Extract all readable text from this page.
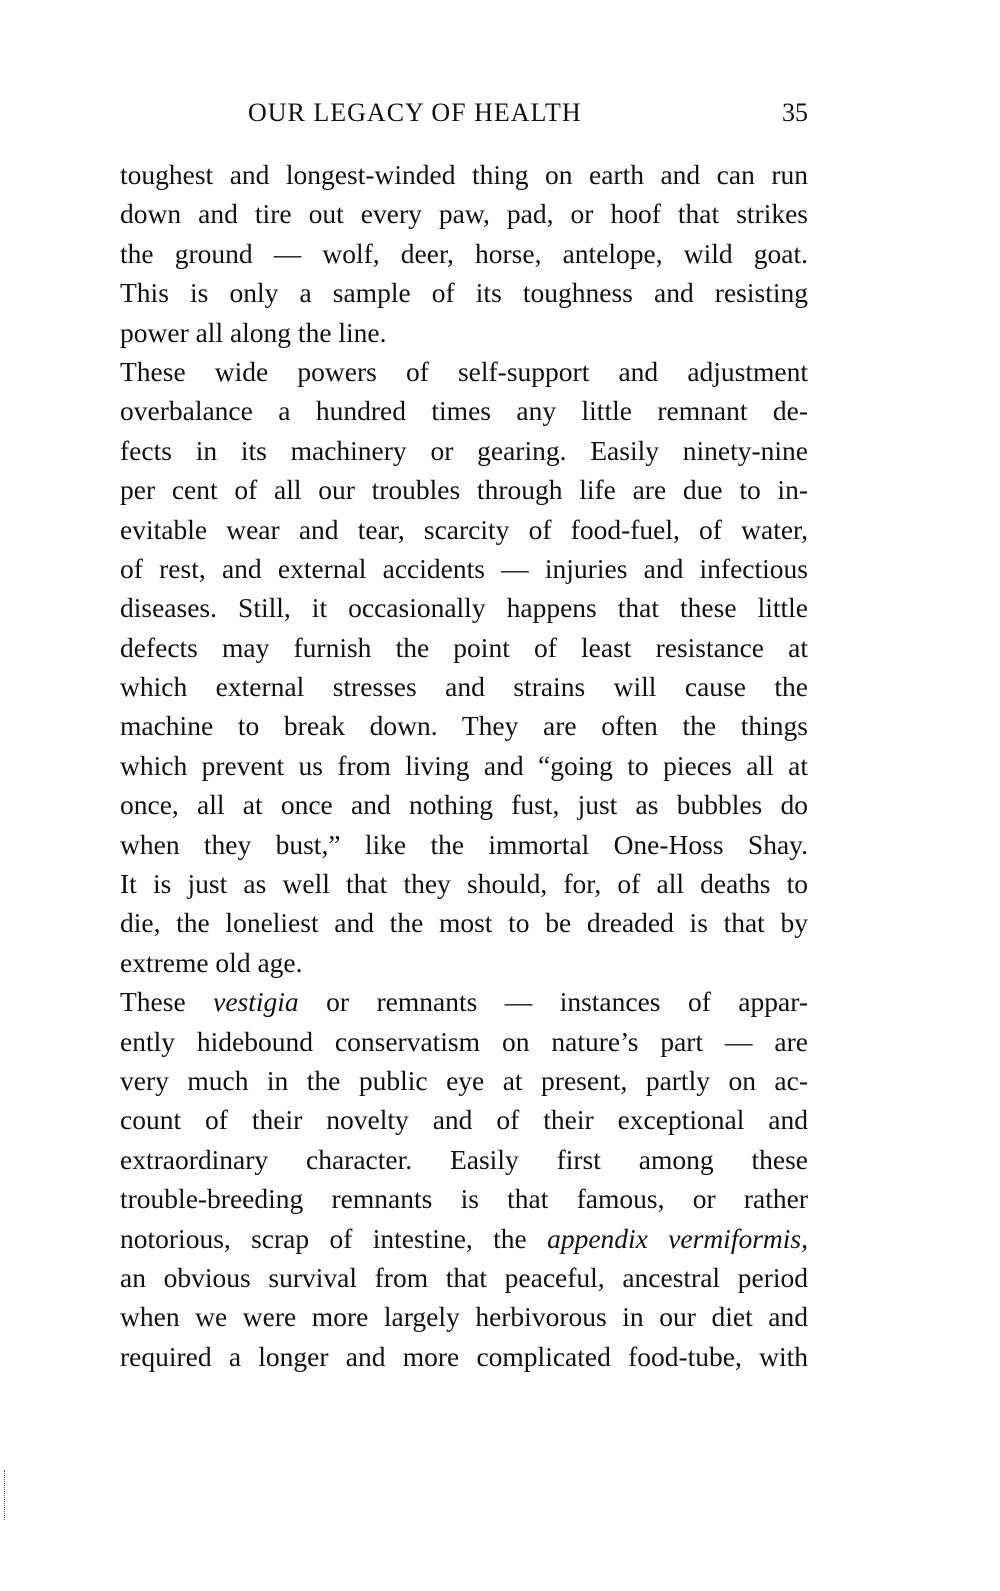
OUR LEGACY OF HEALTH	35
toughest and longest-winded thing on earth and can run
down and tire out every paw, pad, or hoof that strikes
the ground — wolf, deer, horse, antelope, wild goat.
This is only a sample of its toughness and resisting
power all along the line.
These wide powers of self-support and adjustment
overbalance a hundred times any little remnant de-
fects in its machinery or gearing. Easily ninety-nine
per cent of all our troubles through life are due to in-
evitable wear and tear, scarcity of food-fuel, of water,
of rest, and external accidents — injuries and infectious
diseases. Still, it occasionally happens that these little
defects may furnish the point of least resistance at
which external stresses and strains will cause the
machine to break down. They are often the things
which prevent us from living and “going to pieces all at
once, all at once and nothing fust, just as bubbles do
when they bust,” like the immortal One-Hoss Shay.
It is just as well that they should, for, of all deaths to
die, the loneliest and the most to be dreaded is that by
extreme old age.
These vestigia or remnants — instances of appar-
ently hidebound conservatism on nature’s part — are
very much in the public eye at present, partly on ac-
count of their novelty and of their exceptional and
extraordinary character. Easily first among these
trouble-breeding remnants is that famous, or rather
notorious, scrap of intestine, the appendix vermiformis,
an obvious survival from that peaceful, ancestral period
when we were more largely herbivorous in our diet and
required a longer and more complicated food-tube, with
